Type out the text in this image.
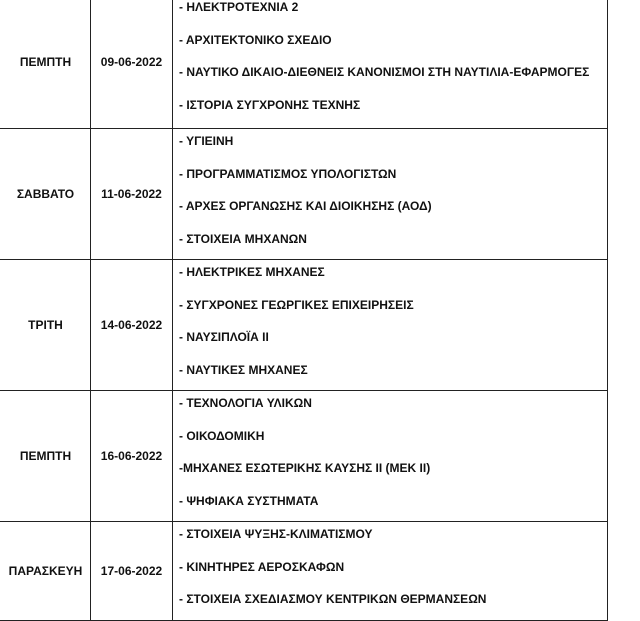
ΠΕΜΠΤΗ	09-06-2022	- ΗΛΕΚΤΡΟΤΕΧΝΙΑ 2
- ΑΡΧΙΤΕΚΤΟΝΙΚΟ ΣΧΕΔΙΟ
- ΝΑΥΤΙΚΟ ΔΙΚΑΙΟ-ΔΙΕΘΝΕΙΣ ΚΑΝΟΝΙΣΜΟΙ ΣΤΗ ΝΑΥΤΙΛΙΑ-ΕΦΑΡΜΟΓΕΣ
- ΙΣΤΟΡΙΑ ΣΥΓΧΡΟΝΗΣ ΤΕΧΝΗΣ

ΣΑΒΒΑΤΟ	11-06-2022	- ΥΓΙΕΙΝΗ
- ΠΡΟΓΡΑΜΜΑΤΙΣΜΟΣ ΥΠΟΛΟΓΙΣΤΩΝ
- ΑΡΧΕΣ ΟΡΓΑΝΩΣΗΣ ΚΑΙ ΔΙΟΙΚΗΣΗΣ (ΑΟΔ)
- ΣΤΟΙΧΕΙΑ ΜΗΧΑΝΩΝ

ΤΡΙΤΗ	14-06-2022	- ΗΛΕΚΤΡΙΚΕΣ ΜΗΧΑΝΕΣ
- ΣΥΓΧΡΟΝΕΣ ΓΕΩΡΓΙΚΕΣ ΕΠΙΧΕΙΡΗΣΕΙΣ
- ΝΑΥΣΙΠΛΟΪΑ ΙΙ
- ΝΑΥΤΙΚΕΣ ΜΗΧΑΝΕΣ

ΠΕΜΠΤΗ	16-06-2022	- ΤΕΧΝΟΛΟΓΙΑ ΥΛΙΚΩΝ
- ΟΙΚΟΔΟΜΙΚΗ
-ΜΗΧΑΝΕΣ ΕΣΩΤΕΡΙΚΗΣ ΚΑΥΣΗΣ ΙΙ (ΜΕΚ ΙΙ)
- ΨΗΦΙΑΚΑ ΣΥΣΤΗΜΑΤΑ

ΠΑΡΑΣΚΕΥΗ	17-06-2022	- ΣΤΟΙΧΕΙΑ ΨΥΞΗΣ-ΚΛΙΜΑΤΙΣΜΟΥ
- ΚΙΝΗΤΗΡΕΣ ΑΕΡΟΣΚΑΦΩΝ
- ΣΤΟΙΧΕΙΑ ΣΧΕΔΙΑΣΜΟΥ ΚΕΝΤΡΙΚΩΝ ΘΕΡΜΑΝΣΕΩΝ
